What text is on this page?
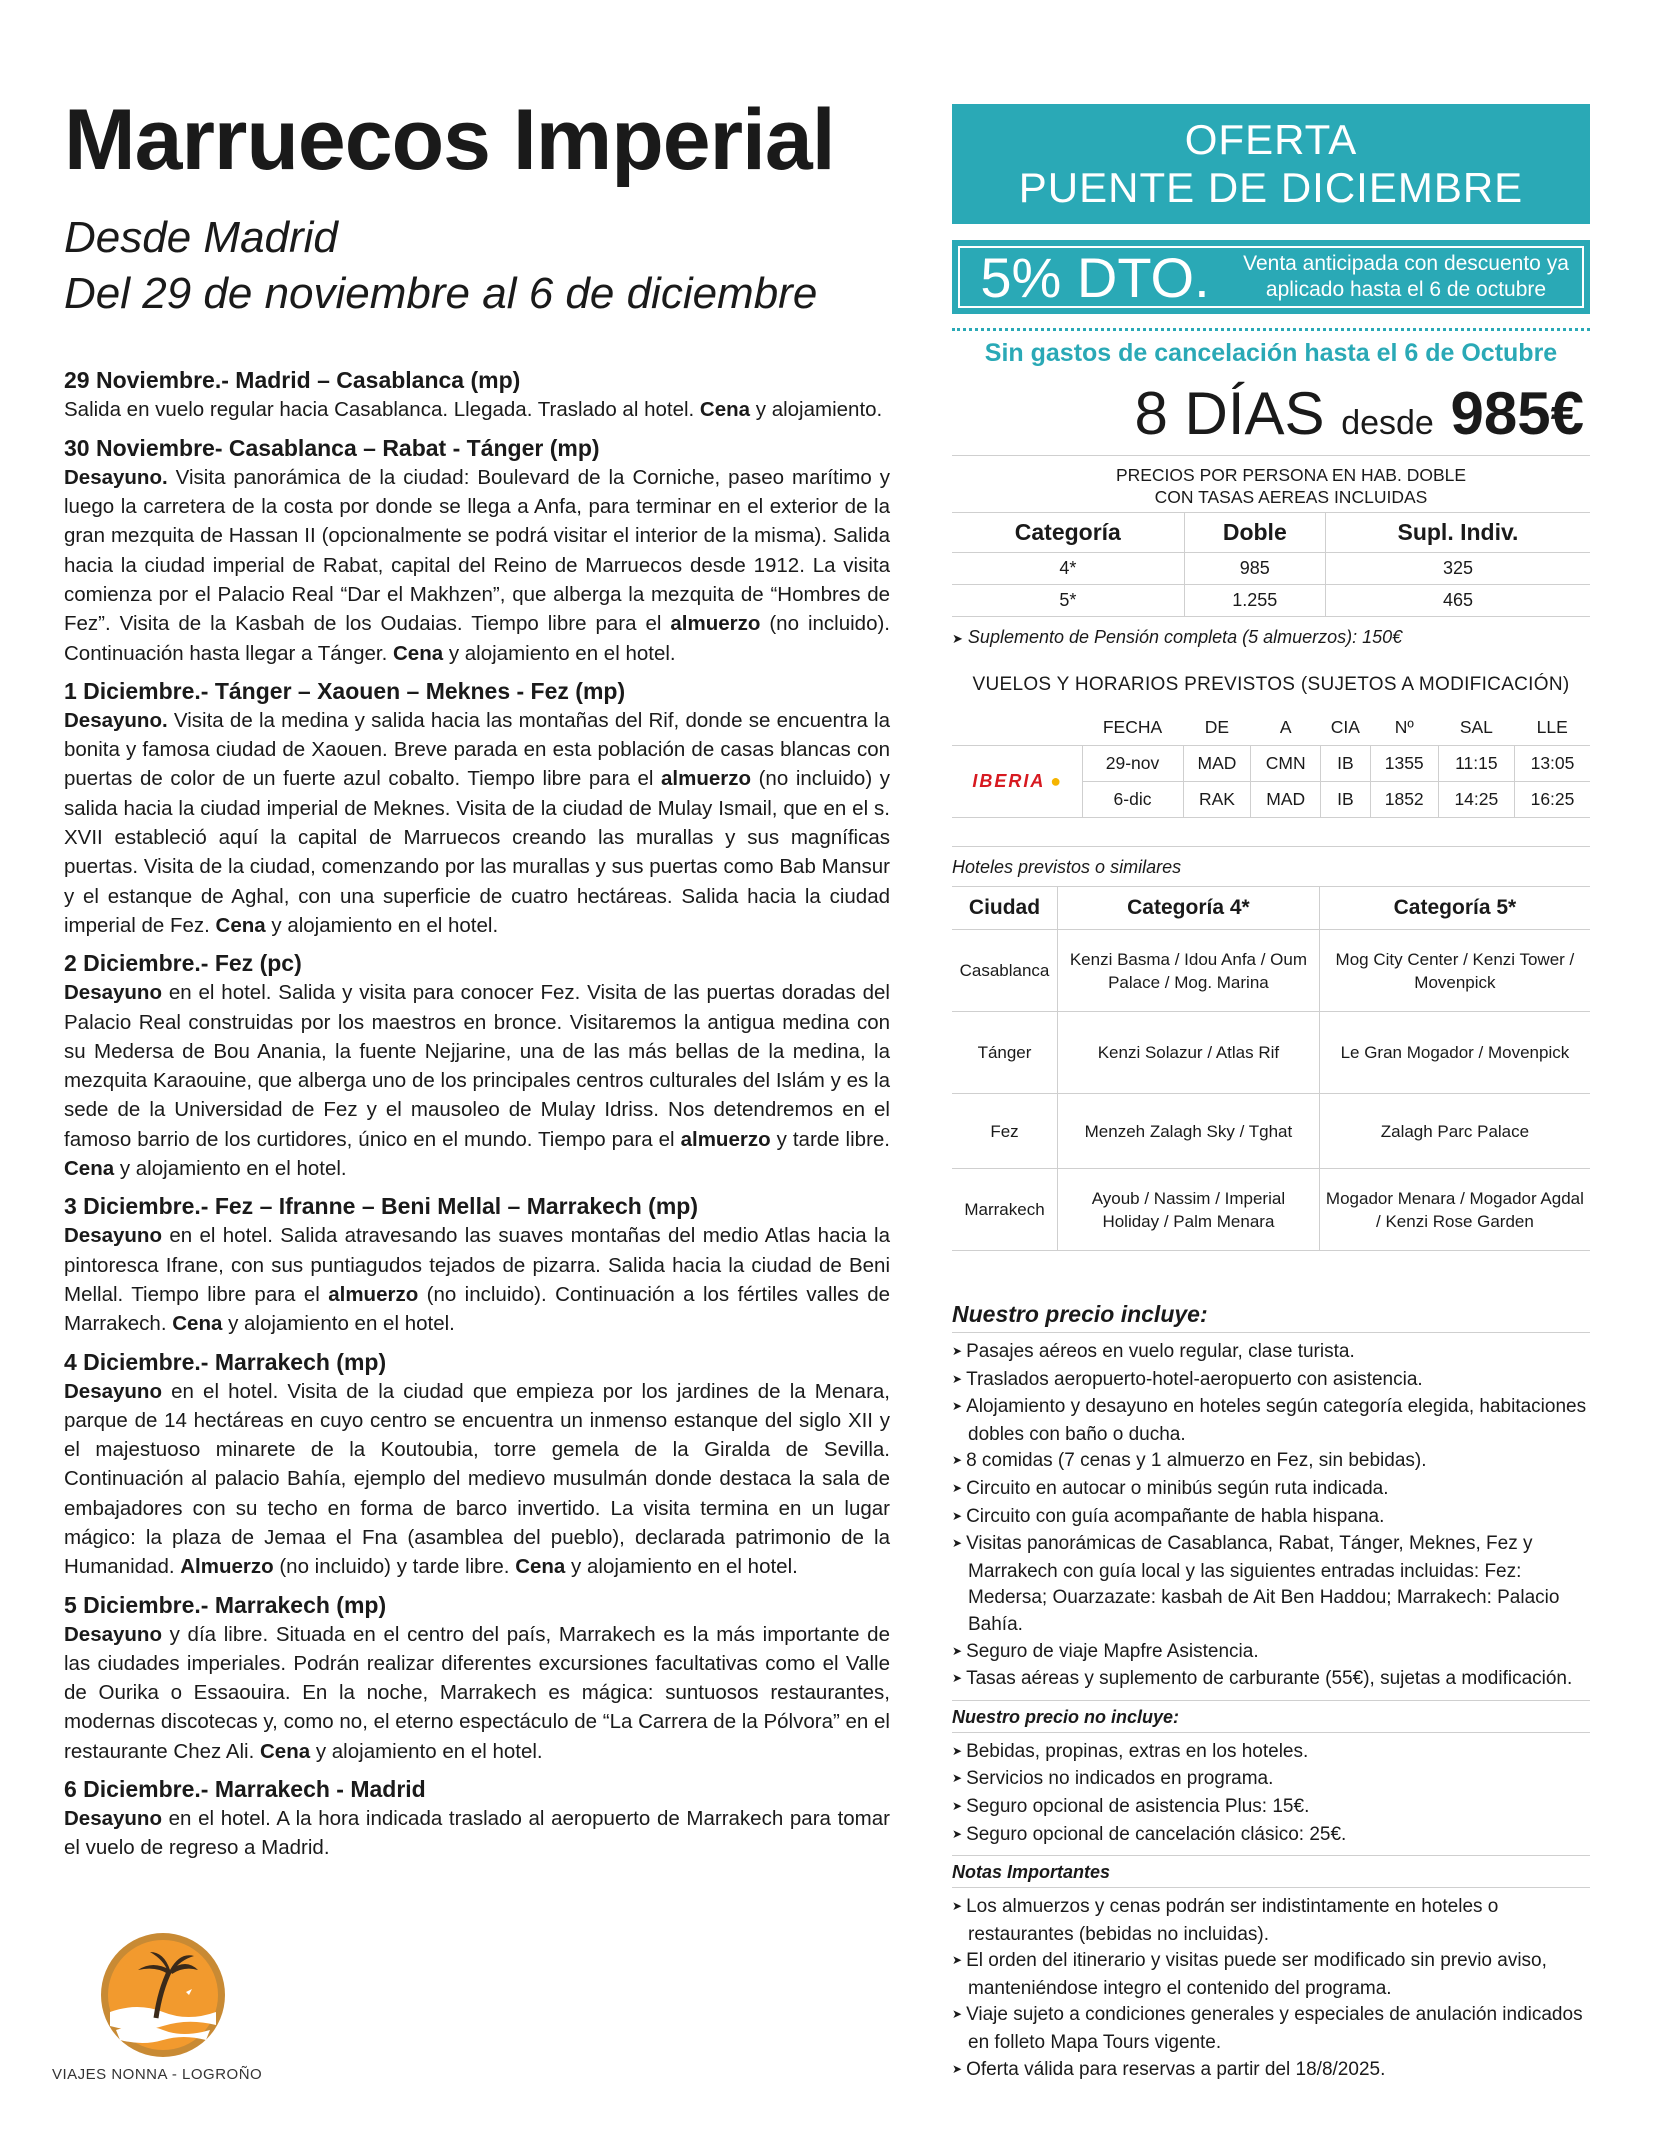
Marruecos Imperial
Desde Madrid
Del 29 de noviembre al 6 de diciembre
29 Noviembre.- Madrid – Casablanca (mp)
Salida en vuelo regular hacia Casablanca. Llegada. Traslado al hotel. Cena y alojamiento.
30 Noviembre- Casablanca – Rabat - Tánger (mp)
Desayuno. Visita panorámica de la ciudad: Boulevard de la Corniche, paseo marítimo y luego la carretera de la costa por donde se llega a Anfa, para terminar en el exterior de la gran mezquita de Hassan II (opcionalmente se podrá visitar el interior de la misma). Salida hacia la ciudad imperial de Rabat, capital del Reino de Marruecos desde 1912. La visita comienza por el Palacio Real “Dar el Makhzen”, que alberga la mezquita de “Hombres de Fez”. Visita de la Kasbah de los Oudaias. Tiempo libre para el almuerzo (no incluido). Continuación hasta llegar a Tánger. Cena y alojamiento en el hotel.
1 Diciembre.- Tánger – Xaouen – Meknes - Fez (mp)
Desayuno. Visita de la medina y salida hacia las montañas del Rif, donde se encuentra la bonita y famosa ciudad de Xaouen. Breve parada en esta población de casas blancas con puertas de color de un fuerte azul cobalto. Tiempo libre para el almuerzo (no incluido) y salida hacia la ciudad imperial de Meknes. Visita de la ciudad de Mulay Ismail, que en el s. XVII estableció aquí la capital de Marruecos creando las murallas y sus magníficas puertas. Visita de la ciudad, comenzando por las murallas y sus puertas como Bab Mansur y el estanque de Aghal, con una superficie de cuatro hectáreas. Salida hacia la ciudad imperial de Fez. Cena y alojamiento en el hotel.
2 Diciembre.- Fez (pc)
Desayuno en el hotel. Salida y visita para conocer Fez. Visita de las puertas doradas del Palacio Real construidas por los maestros en bronce. Visitaremos la antigua medina con su Medersa de Bou Anania, la fuente Nejjarine, una de las más bellas de la medina, la mezquita Karaouine, que alberga uno de los principales centros culturales del Islám y es la sede de la Universidad de Fez y el mausoleo de Mulay Idriss. Nos detendremos en el famoso barrio de los curtidores, único en el mundo. Tiempo para el almuerzo y tarde libre. Cena y alojamiento en el hotel.
3 Diciembre.- Fez – Ifranne – Beni Mellal – Marrakech (mp)
Desayuno en el hotel. Salida atravesando las suaves montañas del medio Atlas hacia la pintoresca Ifrane, con sus puntiagudos tejados de pizarra. Salida hacia la ciudad de Beni Mellal. Tiempo libre para el almuerzo (no incluido). Continuación a los fértiles valles de Marrakech. Cena y alojamiento en el hotel.
4 Diciembre.- Marrakech (mp)
Desayuno en el hotel. Visita de la ciudad que empieza por los jardines de la Menara, parque de 14 hectáreas en cuyo centro se encuentra un inmenso estanque del siglo XII y el majestuoso minarete de la Koutoubia, torre gemela de la Giralda de Sevilla. Continuación al palacio Bahía, ejemplo del medievo musulmán donde destaca la sala de embajadores con su techo en forma de barco invertido. La visita termina en un lugar mágico: la plaza de Jemaa el Fna (asamblea del pueblo), declarada patrimonio de la Humanidad. Almuerzo (no incluido) y tarde libre. Cena y alojamiento en el hotel.
5 Diciembre.- Marrakech (mp)
Desayuno y día libre. Situada en el centro del país, Marrakech es la más importante de las ciudades imperiales. Podrán realizar diferentes excursiones facultativas como el Valle de Ourika o Essaouira. En la noche, Marrakech es mágica: suntuosos restaurantes, modernas discotecas y, como no, el eterno espectáculo de “La Carrera de la Pólvora” en el restaurante Chez Ali. Cena y alojamiento en el hotel.
6 Diciembre.- Marrakech - Madrid
Desayuno en el hotel. A la hora indicada traslado al aeropuerto de Marrakech para tomar el vuelo de regreso a Madrid.
VIAJES NONNA - LOGROÑO
OFERTA
PUENTE DE DICIEMBRE
5% DTO.	Venta anticipada con descuento ya aplicado hasta el 6 de octubre
Sin gastos de cancelación hasta el 6 de Octubre
8 DÍAS desde 985€
PRECIOS POR PERSONA EN HAB. DOBLE
CON TASAS AEREAS INCLUIDAS
Categoría	Doble	Supl. Indiv.
4*	985	325
5*	1.255	465
➤ Suplemento de Pensión completa (5 almuerzos): 150€
VUELOS Y HORARIOS PREVISTOS (SUJETOS A MODIFICACIÓN)
	FECHA	DE	A	CIA	Nº	SAL	LLE
IBERIA ●	29-nov	MAD	CMN	IB	1355	11:15	13:05
	6-dic	RAK	MAD	IB	1852	14:25	16:25
Hoteles previstos o similares
Ciudad	Categoría 4*	Categoría 5*
Casablanca	Kenzi Basma / Idou Anfa / Oum Palace / Mog. Marina	Mog City Center / Kenzi Tower / Movenpick
Tánger	Kenzi Solazur / Atlas Rif	Le Gran Mogador / Movenpick
Fez	Menzeh Zalagh Sky / Tghat	Zalagh Parc Palace
Marrakech	Ayoub / Nassim / Imperial Holiday / Palm Menara	Mogador Menara / Mogador Agdal / Kenzi Rose Garden
Nuestro precio incluye:
➤ Pasajes aéreos en vuelo regular, clase turista.
➤ Traslados aeropuerto-hotel-aeropuerto con asistencia.
➤ Alojamiento y desayuno en hoteles según categoría elegida, habitaciones dobles con baño o ducha.
➤ 8 comidas (7 cenas y 1 almuerzo en Fez, sin bebidas).
➤ Circuito en autocar o minibús según ruta indicada.
➤ Circuito con guía acompañante de habla hispana.
➤ Visitas panorámicas de Casablanca, Rabat, Tánger, Meknes, Fez y Marrakech con guía local y las siguientes entradas incluidas: Fez: Medersa; Ouarzazate: kasbah de Ait Ben Haddou; Marrakech: Palacio Bahía.
➤ Seguro de viaje Mapfre Asistencia.
➤ Tasas aéreas y suplemento de carburante (55€), sujetas a modificación.
Nuestro precio no incluye:
➤ Bebidas, propinas, extras en los hoteles.
➤ Servicios no indicados en programa.
➤ Seguro opcional de asistencia Plus: 15€.
➤ Seguro opcional de cancelación clásico: 25€.
Notas Importantes
➤ Los almuerzos y cenas podrán ser indistintamente en hoteles o restaurantes (bebidas no incluidas).
➤ El orden del itinerario y visitas puede ser modificado sin previo aviso, manteniéndose integro el contenido del programa.
➤ Viaje sujeto a condiciones generales y especiales de anulación indicados en folleto Mapa Tours vigente.
➤ Oferta válida para reservas a partir del 18/8/2025.
